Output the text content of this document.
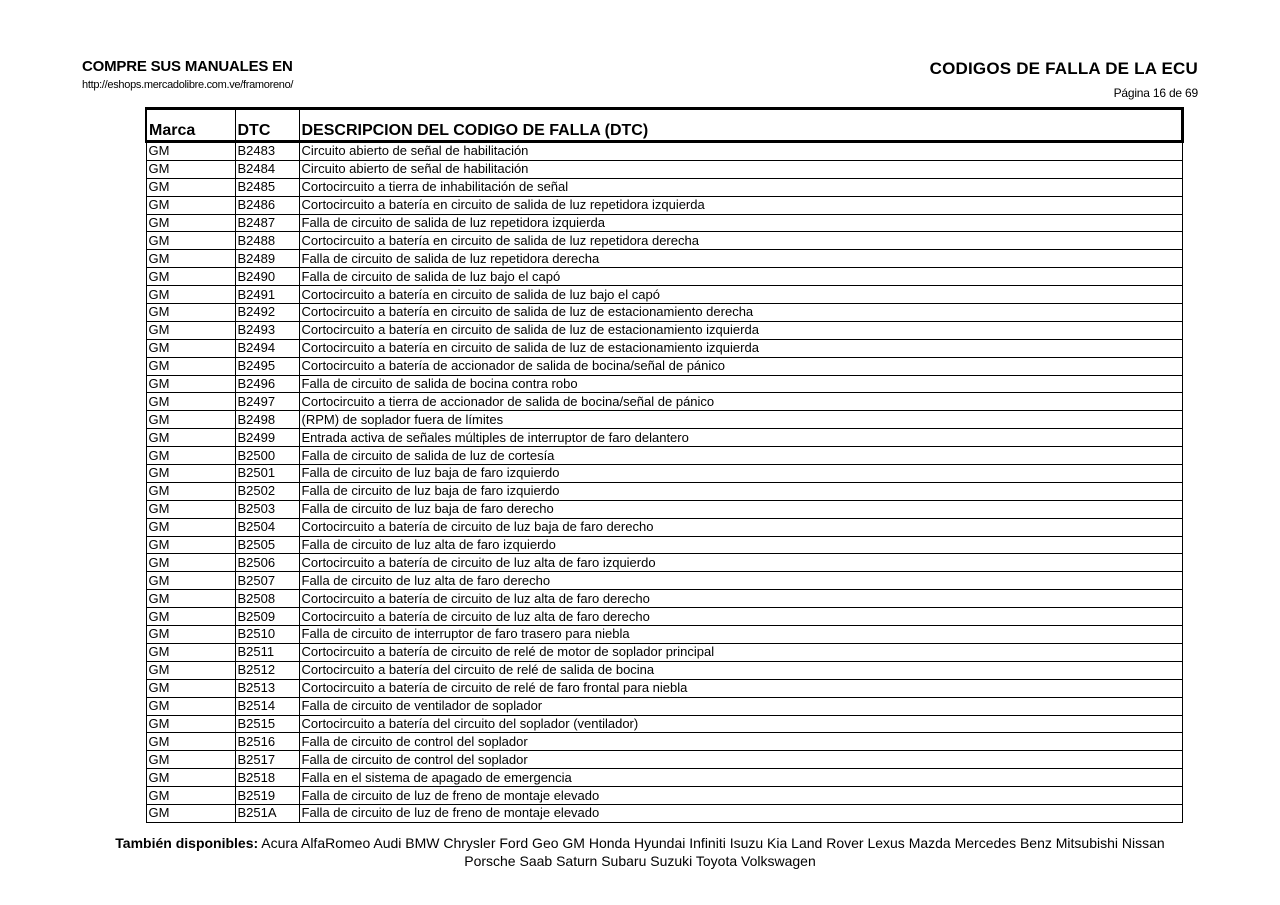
COMPRE SUS MANUALES EN
http://eshops.mercadolibre.com.ve/framoreno/
CODIGOS DE FALLA DE LA ECU
Página 16 de 69
Marca	DTC	DESCRIPCION DEL CODIGO DE FALLA (DTC)
GM	B2483	Circuito abierto de señal de habilitación
GM	B2484	Circuito abierto de señal de habilitación
GM	B2485	Cortocircuito a tierra de inhabilitación de señal
GM	B2486	Cortocircuito a batería en circuito de salida de luz repetidora izquierda
GM	B2487	Falla de circuito de salida de luz repetidora izquierda
GM	B2488	Cortocircuito a batería en circuito de salida de luz repetidora derecha
GM	B2489	Falla de circuito de salida de luz repetidora derecha
GM	B2490	Falla de circuito de salida de luz bajo el capó
GM	B2491	Cortocircuito a batería en circuito de salida de luz bajo el capó
GM	B2492	Cortocircuito a batería en circuito de salida de luz de estacionamiento derecha
GM	B2493	Cortocircuito a batería en circuito de salida de luz de estacionamiento izquierda
GM	B2494	Cortocircuito a batería en circuito de salida de luz de estacionamiento izquierda
GM	B2495	Cortocircuito a batería de accionador de salida de bocina/señal de pánico
GM	B2496	Falla de circuito de salida de bocina contra robo
GM	B2497	Cortocircuito a tierra de accionador de salida de bocina/señal de pánico
GM	B2498	(RPM) de soplador fuera de límites
GM	B2499	Entrada activa de señales múltiples de interruptor de faro delantero
GM	B2500	Falla de circuito de salida de luz de cortesía
GM	B2501	Falla de circuito de luz baja de faro izquierdo
GM	B2502	Falla de circuito de luz baja de faro izquierdo
GM	B2503	Falla de circuito de luz baja de faro derecho
GM	B2504	Cortocircuito a batería de circuito de luz baja de faro derecho
GM	B2505	Falla de circuito de luz alta de faro izquierdo
GM	B2506	Cortocircuito a batería de circuito de luz alta de faro izquierdo
GM	B2507	Falla de circuito de luz alta de faro derecho
GM	B2508	Cortocircuito a batería de circuito de luz alta de faro derecho
GM	B2509	Cortocircuito a batería de circuito de luz alta de faro derecho
GM	B2510	Falla de circuito de interruptor de faro trasero para niebla
GM	B2511	Cortocircuito a batería de circuito de relé de motor de soplador principal
GM	B2512	Cortocircuito a batería del circuito de relé de salida de bocina
GM	B2513	Cortocircuito a batería de circuito de relé de faro frontal para niebla
GM	B2514	Falla de circuito de ventilador de soplador
GM	B2515	Cortocircuito a batería del circuito del soplador (ventilador)
GM	B2516	Falla de circuito de control del soplador
GM	B2517	Falla de circuito de control del soplador
GM	B2518	Falla en el sistema de apagado de emergencia
GM	B2519	Falla de circuito de luz de freno de montaje elevado
GM	B251A	Falla de circuito de luz de freno de montaje elevado
También disponibles: Acura AlfaRomeo Audi BMW Chrysler Ford Geo GM Honda Hyundai Infiniti Isuzu Kia Land Rover Lexus Mazda Mercedes Benz Mitsubishi Nissan
Porsche Saab Saturn Subaru Suzuki Toyota Volkswagen
